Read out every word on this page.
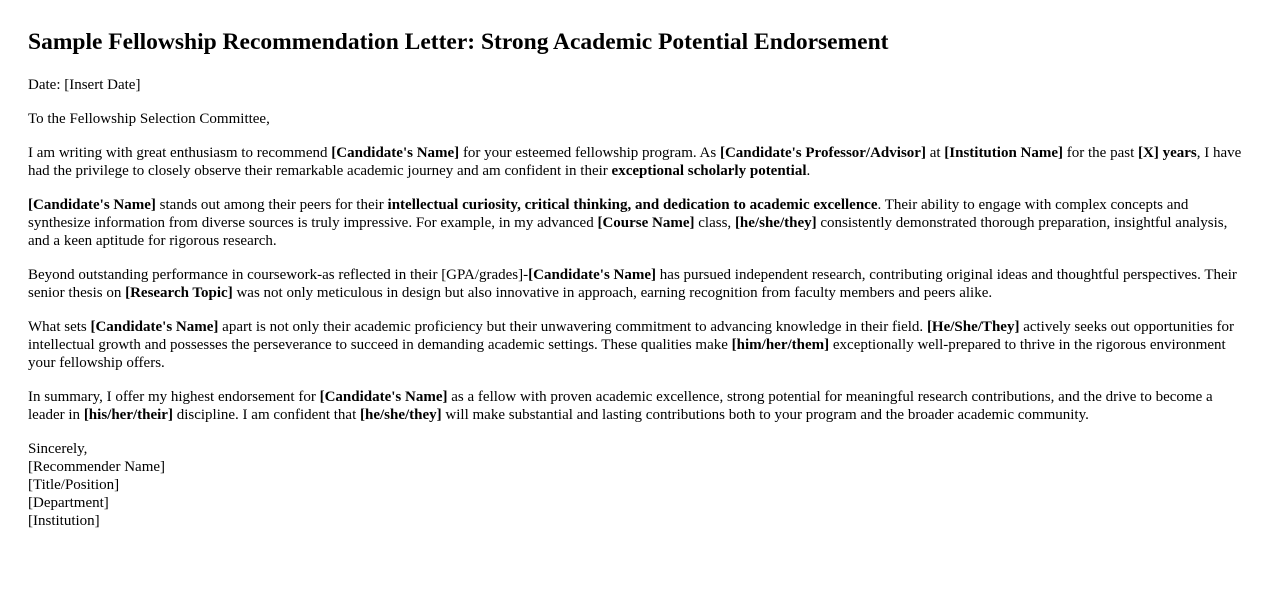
Sample Fellowship Recommendation Letter: Strong Academic Potential Endorsement

Date: [Insert Date]

To the Fellowship Selection Committee,

I am writing with great enthusiasm to recommend [Candidate's Name] for your esteemed fellowship program. As [Candidate's Professor/Advisor] at [Institution Name] for the past [X] years, I have had the privilege to closely observe their remarkable academic journey and am confident in their exceptional scholarly potential.

[Candidate's Name] stands out among their peers for their intellectual curiosity, critical thinking, and dedication to academic excellence. Their ability to engage with complex concepts and synthesize information from diverse sources is truly impressive. For example, in my advanced [Course Name] class, [he/she/they] consistently demonstrated thorough preparation, insightful analysis, and a keen aptitude for rigorous research.

Beyond outstanding performance in coursework-as reflected in their [GPA/grades]-[Candidate's Name] has pursued independent research, contributing original ideas and thoughtful perspectives. Their senior thesis on [Research Topic] was not only meticulous in design but also innovative in approach, earning recognition from faculty members and peers alike.

What sets [Candidate's Name] apart is not only their academic proficiency but their unwavering commitment to advancing knowledge in their field. [He/She/They] actively seeks out opportunities for intellectual growth and possesses the perseverance to succeed in demanding academic settings. These qualities make [him/her/them] exceptionally well-prepared to thrive in the rigorous environment your fellowship offers.

In summary, I offer my highest endorsement for [Candidate's Name] as a fellow with proven academic excellence, strong potential for meaningful research contributions, and the drive to become a leader in [his/her/their] discipline. I am confident that [he/she/they] will make substantial and lasting contributions both to your program and the broader academic community.

Sincerely,
[Recommender Name]
[Title/Position]
[Department]
[Institution]
